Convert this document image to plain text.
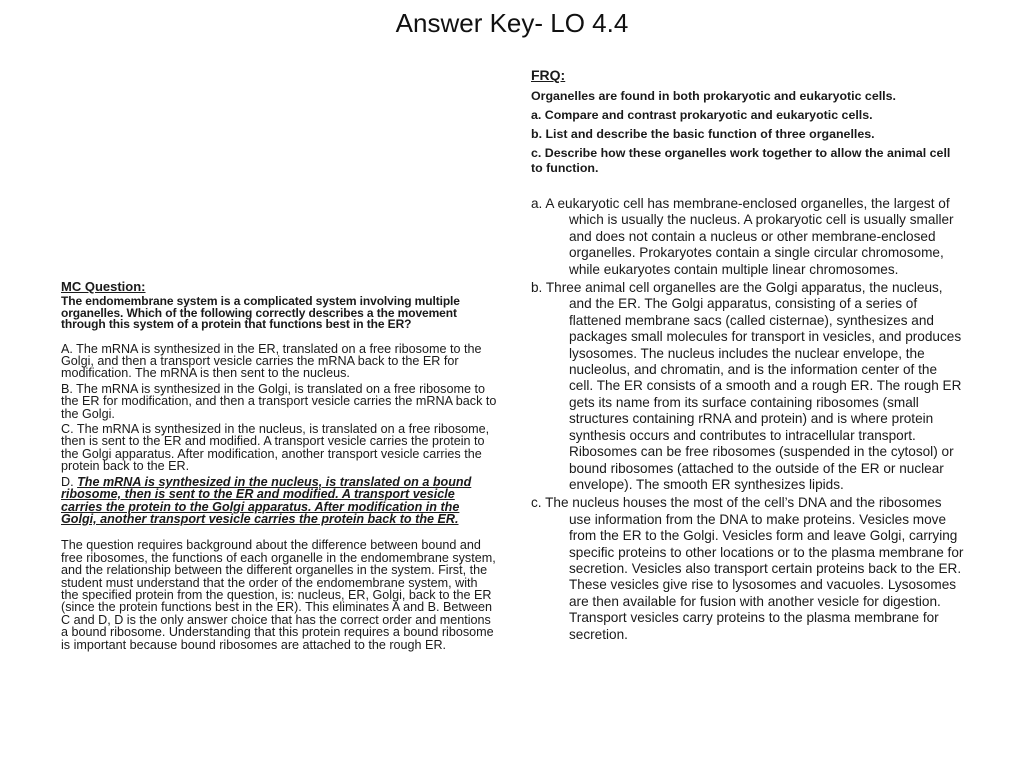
Answer Key- LO 4.4
MC Question:
The endomembrane system is a complicated system involving multiple organelles. Which of the following correctly describes a the movement through this system of a protein that functions best in the ER?
A. The mRNA is synthesized in the ER, translated on a free ribosome to the Golgi, and then a transport vesicle carries the mRNA back to the ER for modification. The mRNA is then sent to the nucleus.
B. The mRNA is synthesized in the Golgi, is translated on a free ribosome to the ER for modification, and then a transport vesicle carries the mRNA back to the Golgi.
C. The mRNA is synthesized in the nucleus, is translated on a free ribosome, then is sent to the ER and modified. A transport vesicle carries the protein to the Golgi apparatus. After modification, another transport vesicle carries the protein back to the ER.
D. The mRNA is synthesized in the nucleus, is translated on a bound ribosome, then is sent to the ER and modified. A transport vesicle carries the protein to the Golgi apparatus. After modification in the Golgi, another transport vesicle carries the protein back to the ER.
The question requires background about the difference between bound and free ribosomes, the functions of each organelle in the endomembrane system, and the relationship between the different organelles in the system. First, the student must understand that the order of the endomembrane system, with the specified protein from the question, is: nucleus, ER, Golgi, back to the ER (since the protein functions best in the ER). This eliminates A and B. Between C and D, D is the only answer choice that has the correct order and mentions a bound ribosome. Understanding that this protein requires a bound ribosome is important because bound ribosomes are attached to the rough ER.
FRQ:
Organelles are found in both prokaryotic and eukaryotic cells.
a. Compare and contrast prokaryotic and eukaryotic cells.
b. List and describe the basic function of three organelles.
c. Describe how these organelles work together to allow the animal cell to function.
a. A eukaryotic cell has membrane-enclosed organelles, the largest of which is usually the nucleus. A prokaryotic cell is usually smaller and does not contain a nucleus or other membrane-enclosed organelles. Prokaryotes contain a single circular chromosome, while eukaryotes contain multiple linear chromosomes.
b. Three animal cell organelles are the Golgi apparatus, the nucleus, and the ER. The Golgi apparatus, consisting of a series of flattened membrane sacs (called cisternae), synthesizes and packages small molecules for transport in vesicles, and produces lysosomes. The nucleus includes the nuclear envelope, the nucleolus, and chromatin, and is the information center of the cell. The ER consists of a smooth and a rough ER. The rough ER gets its name from its surface containing ribosomes (small structures containing rRNA and protein) and is where protein synthesis occurs and contributes to intracellular transport. Ribosomes can be free ribosomes (suspended in the cytosol) or bound ribosomes (attached to the outside of the ER or nuclear envelope). The smooth ER synthesizes lipids.
c. The nucleus houses the most of the cell’s DNA and the ribosomes use information from the DNA to make proteins. Vesicles move from the ER to the Golgi. Vesicles form and leave Golgi, carrying specific proteins to other locations or to the plasma membrane for secretion. Vesicles also transport certain proteins back to the ER. These vesicles give rise to lysosomes and vacuoles. Lysosomes are then available for fusion with another vesicle for digestion. Transport vesicles carry proteins to the plasma membrane for secretion.
